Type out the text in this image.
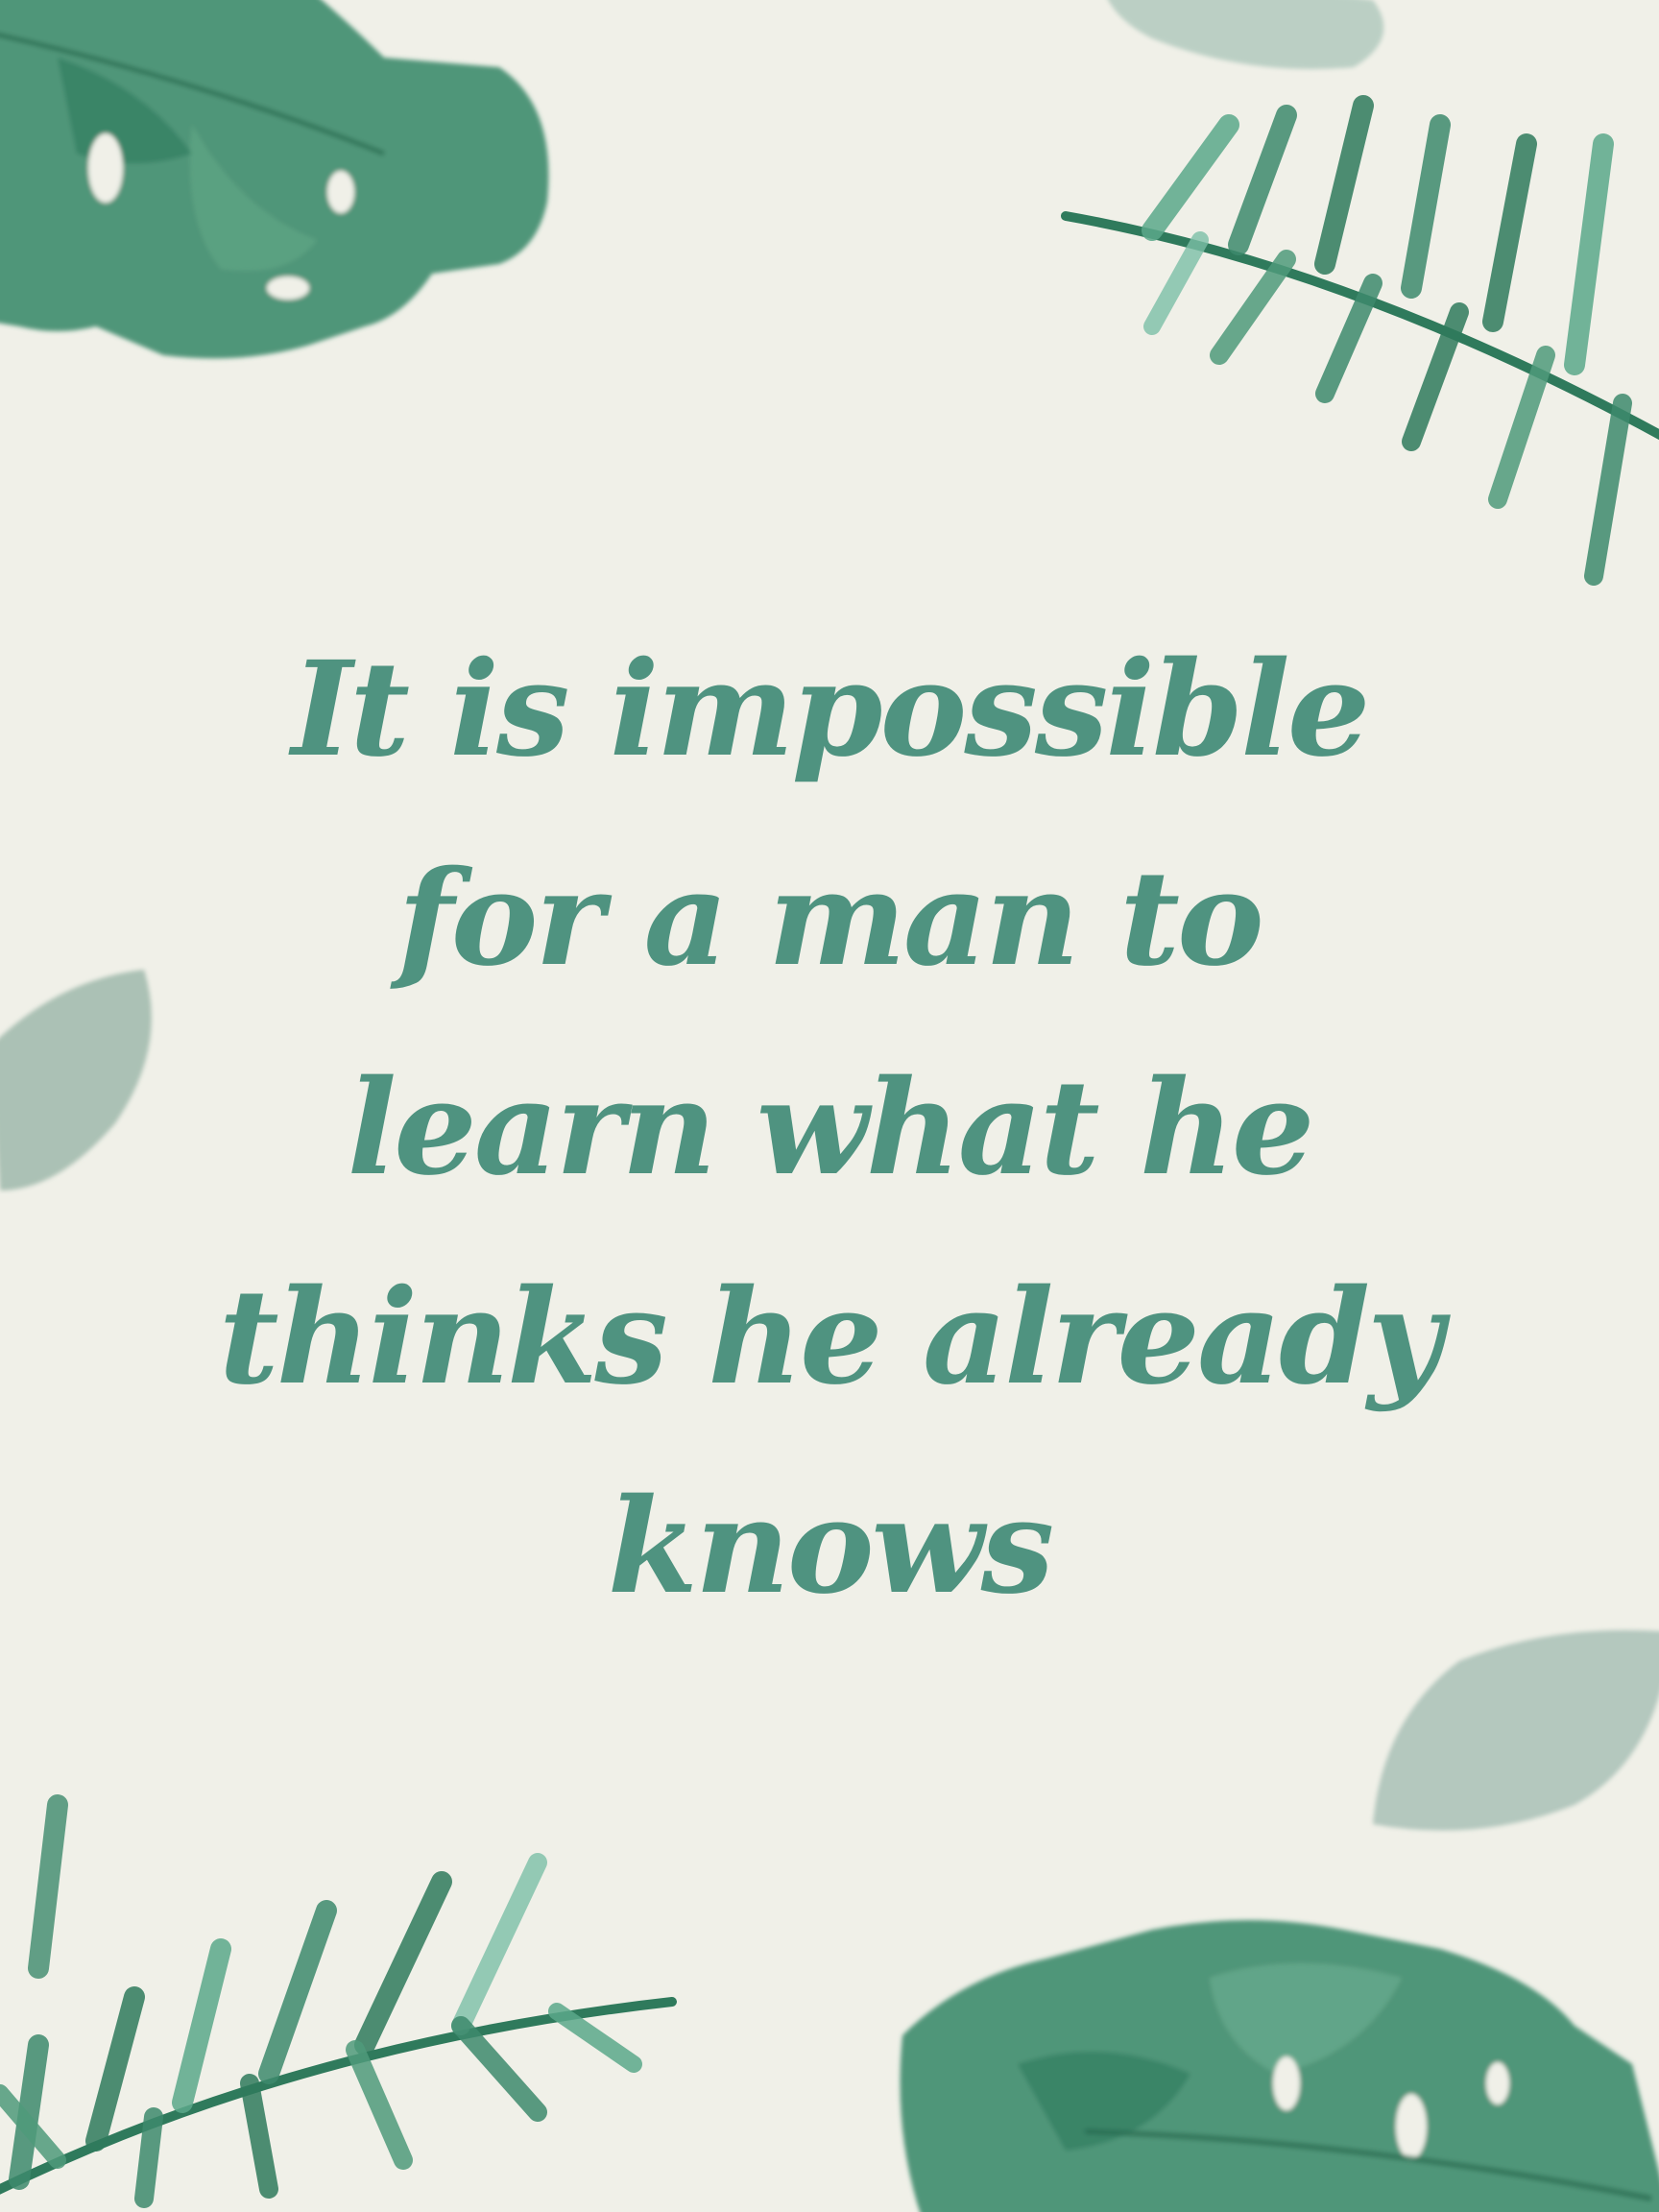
It is impossible
for a man to
learn what he
thinks he already
knows
